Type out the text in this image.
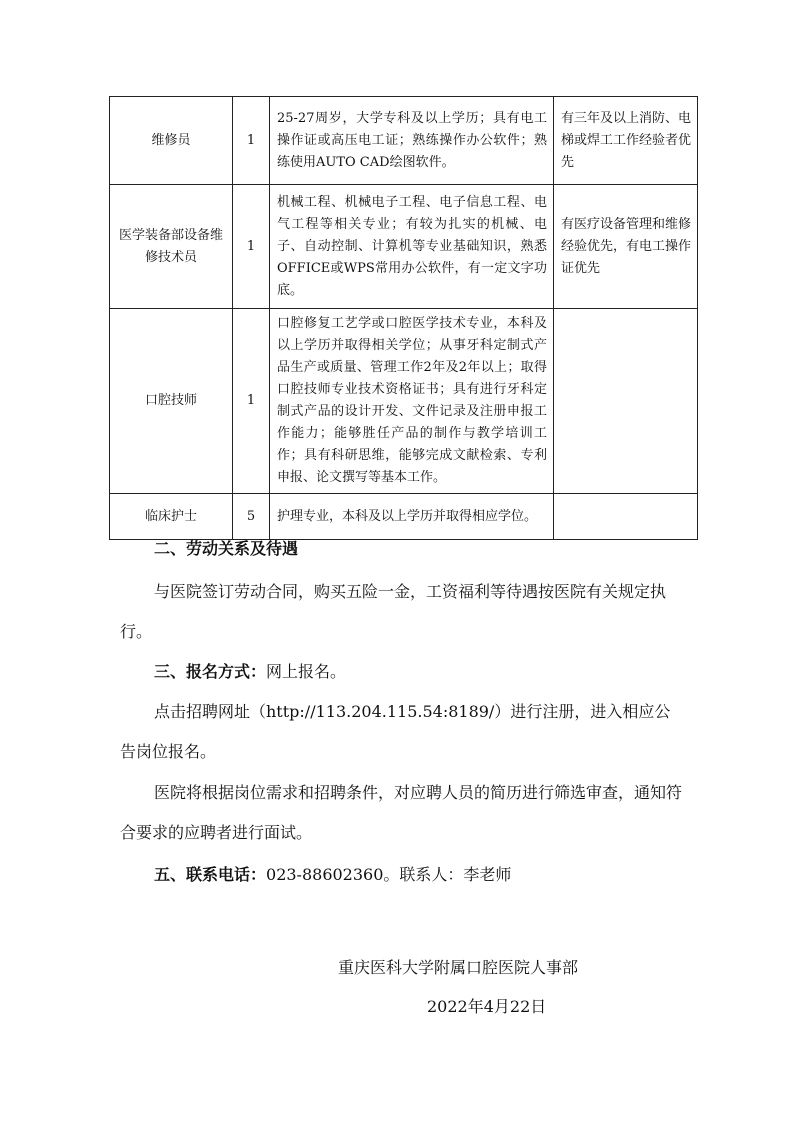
维修员	1	25-27周岁，大学专科及以上学历；具有电工操作证或高压电工证；熟练操作办公软件；熟练使用AUTO CAD绘图软件。	有三年及以上消防、电梯或焊工工作经验者优先

医学装备部设备维修技术员	1	机械工程、机械电子工程、电子信息工程、电气工程等相关专业；有较为扎实的机械、电子、自动控制、计算机等专业基础知识，熟悉OFFICE或WPS常用办公软件，有一定文字功底。	有医疗设备管理和维修经验优先，有电工操作证优先

口腔技师	1	口腔修复工艺学或口腔医学技术专业，本科及以上学历并取得相关学位；从事牙科定制式产品生产或质量、管理工作2年及2年以上；取得口腔技师专业技术资格证书；具有进行牙科定制式产品的设计开发、文件记录及注册申报工作能力；能够胜任产品的制作与教学培训工作；具有科研思维，能够完成文献检索、专利申报、论文撰写等基本工作。	

临床护士	5	护理专业，本科及以上学历并取得相应学位。	

二、劳动关系及待遇
与医院签订劳动合同，购买五险一金，工资福利等待遇按医院有关规定执行。
三、报名方式：网上报名。
点击招聘网址（http://113.204.115.54:8189/）进行注册，进入相应公告岗位报名。
医院将根据岗位需求和招聘条件，对应聘人员的简历进行筛选审查，通知符合要求的应聘者进行面试。
五、联系电话：023-88602360。联系人：李老师
重庆医科大学附属口腔医院人事部
2022年4月22日
